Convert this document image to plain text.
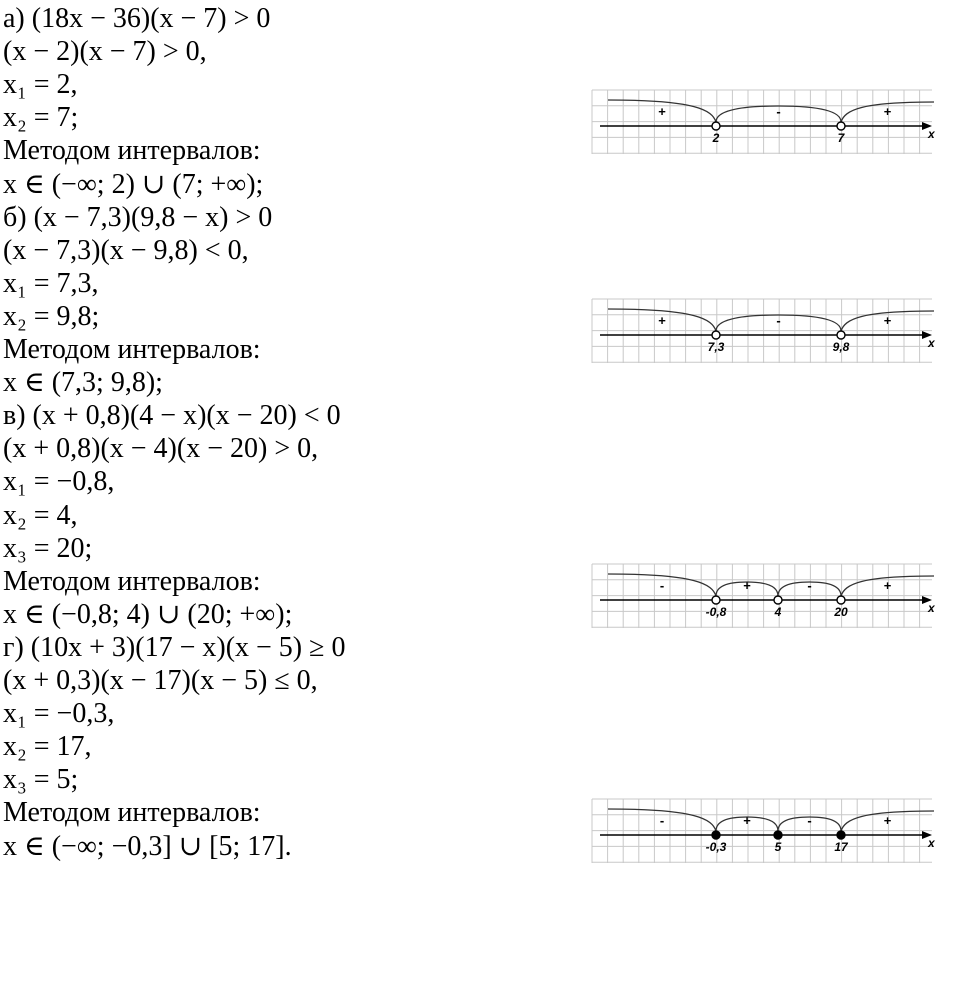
а) (18x − 36)(x − 7) > 0
(x − 2)(x − 7) > 0,
x₁ = 2,
x₂ = 7;
Методом интервалов:
x ∈ (−∞; 2) ∪ (7; +∞);
б) (x − 7,3)(9,8 − x) > 0
(x − 7,3)(x − 9,8) < 0,
x₁ = 7,3,
x₂ = 9,8;
Методом интервалов:
x ∈ (7,3; 9,8);
в) (x + 0,8)(4 − x)(x − 20) < 0
(x + 0,8)(x − 4)(x − 20) > 0,
x₁ = −0,8,
x₂ = 4,
x₃ = 20;
Методом интервалов:
x ∈ (−0,8; 4) ∪ (20; +∞);
г) (10x + 3)(17 − x)(x − 5) ≥ 0
(x + 0,3)(x − 17)(x − 5) ≤ 0,
x₁ = −0,3,
x₂ = 17,
x₃ = 5;
Методом интервалов:
x ∈ (−∞; −0,3] ∪ [5; 17].
x
+	-	+
2	7
x
+	-	+
7,3	9,8
x
-	+	-	+
-0,8	4	20
x
-	+	-	+
-0,3	5	17
